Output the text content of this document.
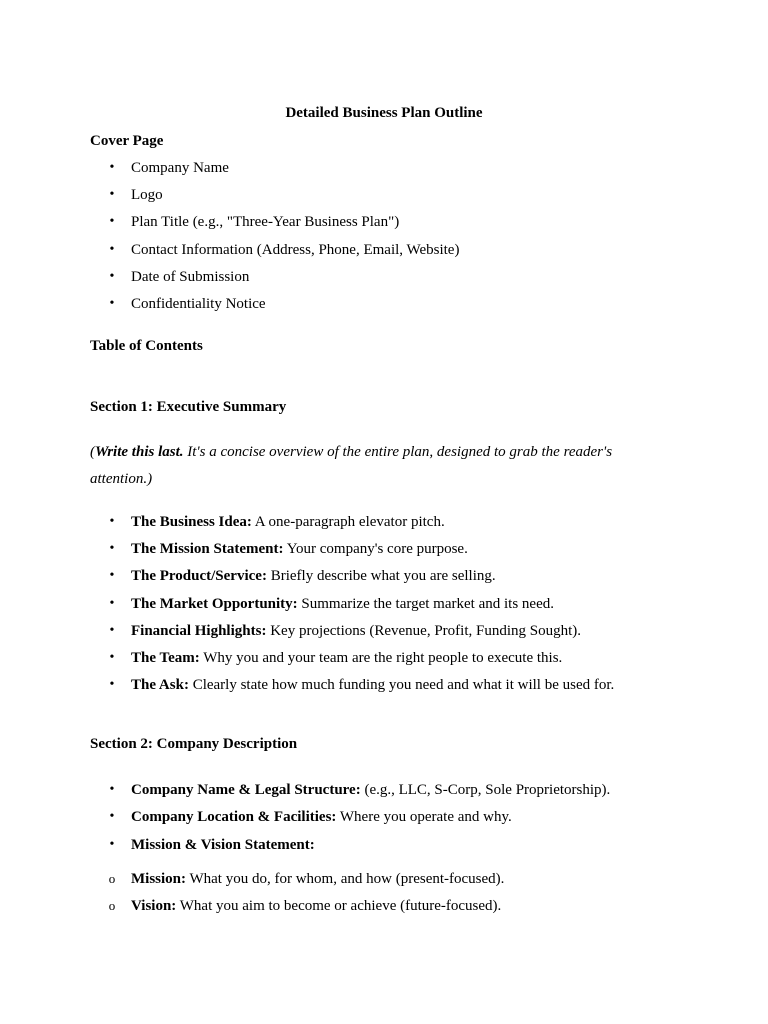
Detailed Business Plan Outline
Cover Page
• Company Name
• Logo
• Plan Title (e.g., "Three-Year Business Plan")
• Contact Information (Address, Phone, Email, Website)
• Date of Submission
• Confidentiality Notice
Table of Contents
Section 1: Executive Summary
(Write this last. It's a concise overview of the entire plan, designed to grab the reader's attention.)
• The Business Idea: A one-paragraph elevator pitch.
• The Mission Statement: Your company's core purpose.
• The Product/Service: Briefly describe what you are selling.
• The Market Opportunity: Summarize the target market and its need.
• Financial Highlights: Key projections (Revenue, Profit, Funding Sought).
• The Team: Why you and your team are the right people to execute this.
• The Ask: Clearly state how much funding you need and what it will be used for.
Section 2: Company Description
• Company Name & Legal Structure: (e.g., LLC, S-Corp, Sole Proprietorship).
• Company Location & Facilities: Where you operate and why.
• Mission & Vision Statement:
o Mission: What you do, for whom, and how (present-focused).
o Vision: What you aim to become or achieve (future-focused).
